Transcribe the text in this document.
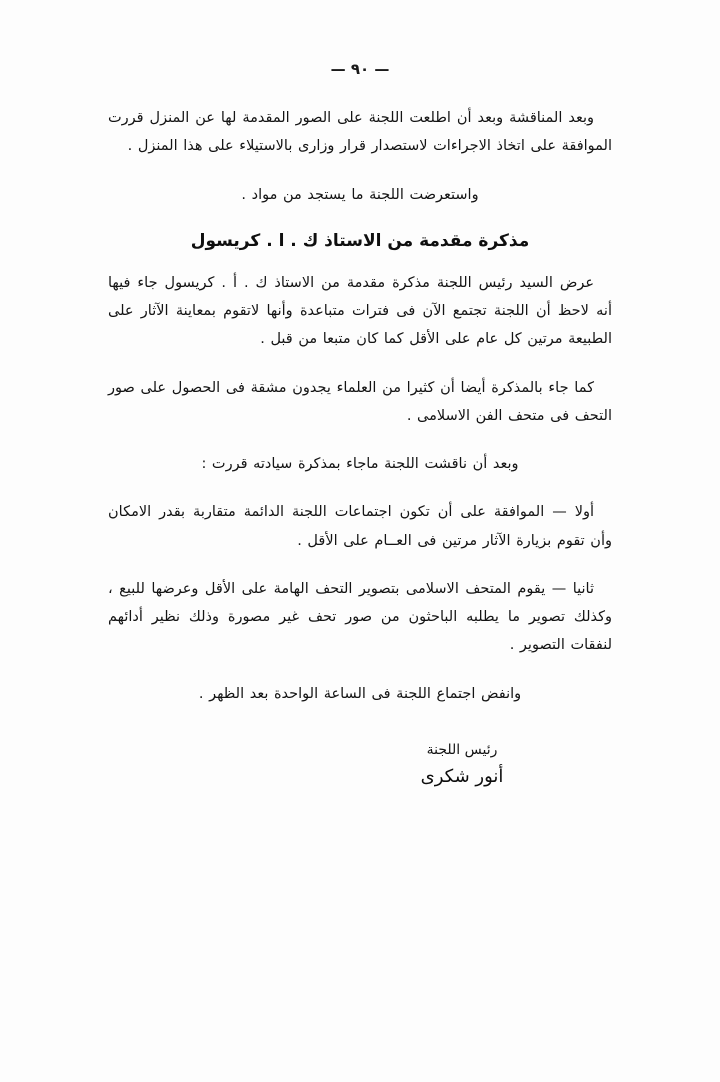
— ٩٠ —

وبعد المناقشة وبعد أن اطلعت اللجنة على الصور المقدمة لها عن المنزل قررت الموافقة على اتخاذ الاجراءات لاستصدار قرار وزارى بالاستيلاء على هذا المنزل .

واستعرضت اللجنة ما يستجد من مواد .

مذكرة مقدمة من الاستاذ ك . ا . كريسول

عرض السيد رئيس اللجنة مذكرة مقدمة من الاستاذ ك . أ . كريسول جاء فيها أنه لاحظ أن اللجنة تجتمع الآن فى فترات متباعدة وأنها لاتقوم بمعاينة الآثار على الطبيعة مرتين كل عام على الأقل كما كان متبعا من قبل .

كما جاء بالمذكرة أيضا أن كثيرا من العلماء يجدون مشقة فى الحصول على صور التحف فى متحف الفن الاسلامى .

وبعد أن ناقشت اللجنة ماجاء بمذكرة سيادته قررت :

أولا — الموافقة على أن تكون اجتماعات اللجنة الدائمة متقاربة بقدر الامكان وأن تقوم بزيارة الآثار مرتين فى العــام على الأقل .

ثانيا — يقوم المتحف الاسلامى بتصوير التحف الهامة على الأقل وعرضها للبيع ، وكذلك تصوير ما يطلبه الباحثون من صور تحف غير مصورة وذلك نظير أدائهم لنفقات التصوير .

وانفض اجتماع اللجنة فى الساعة الواحدة بعد الظهر .

رئيس اللجنة
أنور شكرى
